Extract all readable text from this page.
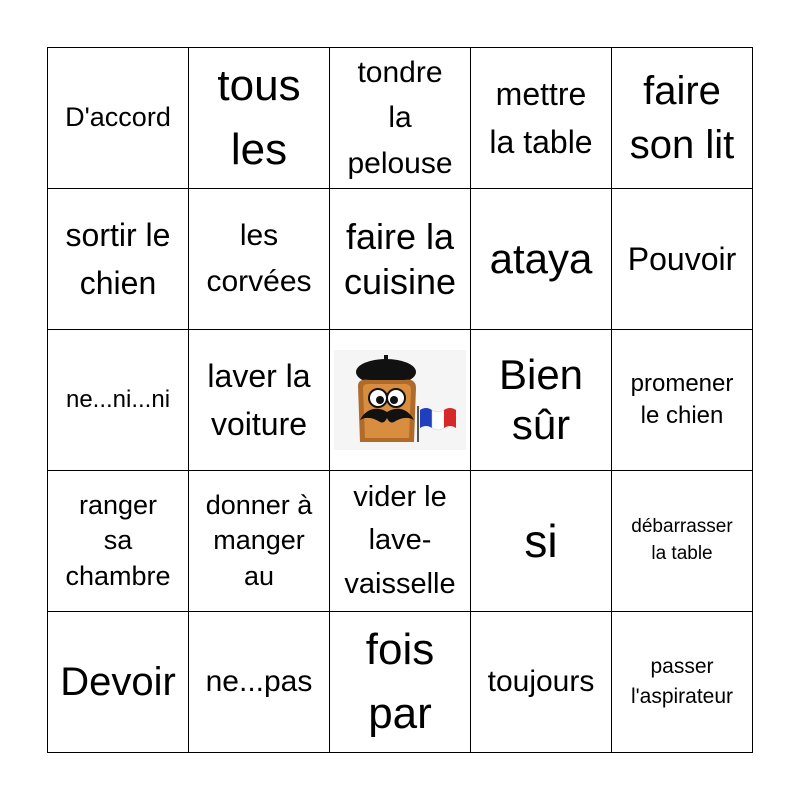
D'accord
tous
les
tondre
la
pelouse
mettre
la table
faire
son lit
sortir le
chien
les
corvées
faire la
cuisine ataya Pouvoir
ne...ni...ni
laver la
voiture
Bien
sûr
promener
le chien
ranger
sa
chambre
donner à
manger
au
vider le
lave-
vaisselle
si	débarrasser
la table
Devoir ne...pas
fois
par
toujours	passer
l'aspirateur
